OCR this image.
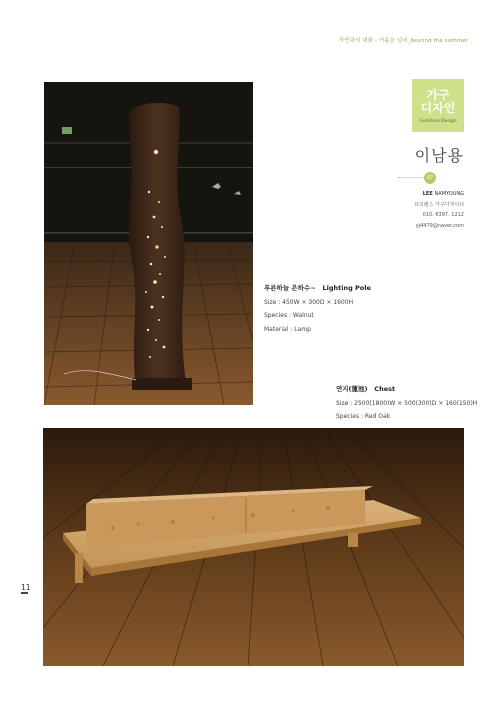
자연과의 대화 - 여름을 넘어_beyond the summer
가구
디자인
Furniture Design
이남용
07
LEE NAMYOUNG
프리랜스 가구디자이너
010. 6397. 1212
yj4479@naver.com
푸른하늘 은하수~ Lighting Pole
Size : 450W × 300D × 1600H
Species : Walnut
Material : Lamp
연지(蓮池) Chest
Size : 2500(1800)W × 500(300)D × 160(150)H
Species : Red Oak
11
